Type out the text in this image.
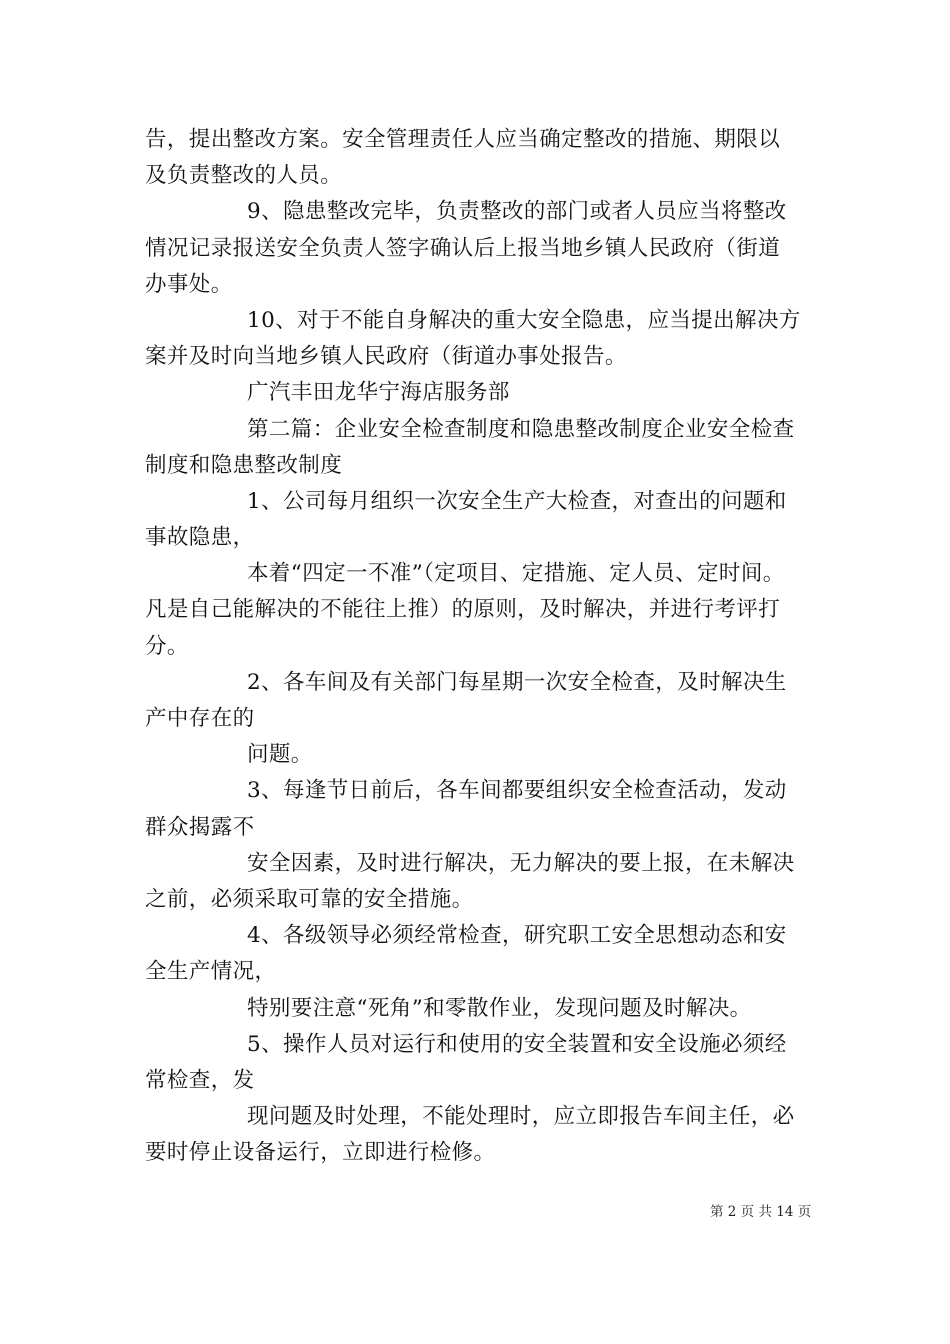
告，提出整改方案。安全管理责任人应当确定整改的措施、期限以
及负责整改的人员。
9、隐患整改完毕，负责整改的部门或者人员应当将整改
情况记录报送安全负责人签字确认后上报当地乡镇人民政府（街道
办事处。
10、对于不能自身解决的重大安全隐患，应当提出解决方
案并及时向当地乡镇人民政府（街道办事处报告。
广汽丰田龙华宁海店服务部
第二篇：企业安全检查制度和隐患整改制度企业安全检查
制度和隐患整改制度
1、公司每月组织一次安全生产大检查，对查出的问题和
事故隐患，
本着“四定一不准”（定项目、定措施、定人员、定时间。
凡是自己能解决的不能往上推）的原则，及时解决，并进行考评打
分。
2、各车间及有关部门每星期一次安全检查，及时解决生
产中存在的
问题。
3、每逢节日前后，各车间都要组织安全检查活动，发动
群众揭露不
安全因素，及时进行解决，无力解决的要上报，在未解决
之前，必须采取可靠的安全措施。
4、各级领导必须经常检查，研究职工安全思想动态和安
全生产情况，
特别要注意“死角”和零散作业，发现问题及时解决。
5、操作人员对运行和使用的安全装置和安全设施必须经
常检查，发
现问题及时处理，不能处理时，应立即报告车间主任，必
要时停止设备运行，立即进行检修。
第 2 页 共 14 页
